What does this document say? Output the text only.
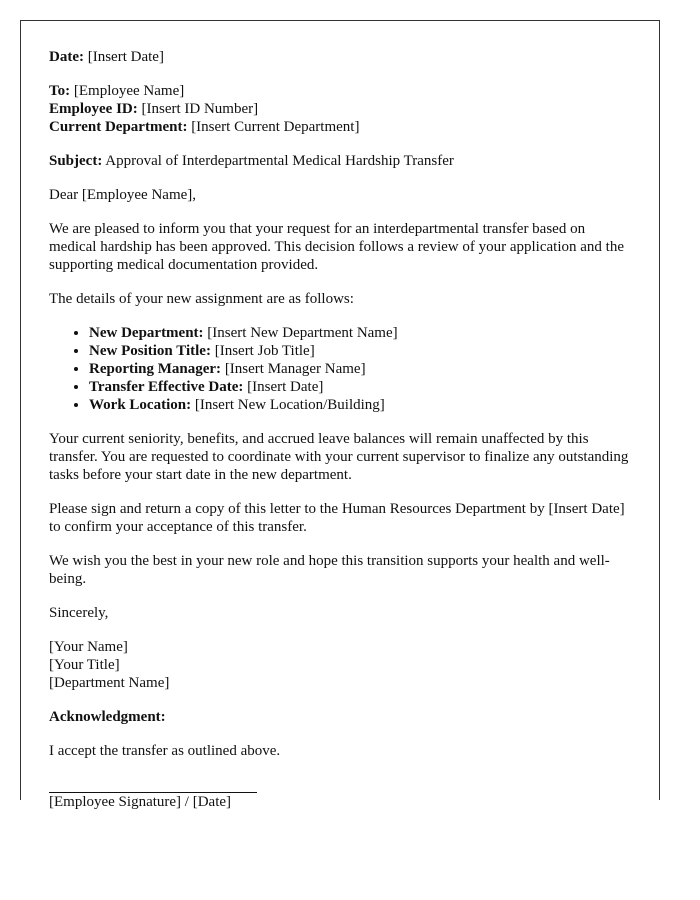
Date: [Insert Date]

To: [Employee Name]

Employee ID: [Insert ID Number]

Current Department: [Insert Current Department]

Subject: Approval of Interdepartmental Medical Hardship Transfer

Dear [Employee Name],

We are pleased to inform you that your request for an interdepartmental transfer based on medical hardship has been approved. This decision follows a review of your application and the supporting medical documentation provided.

The details of your new assignment are as follows:

• New Department: [Insert New Department Name]
• New Position Title: [Insert Job Title]
• Reporting Manager: [Insert Manager Name]
• Transfer Effective Date: [Insert Date]
• Work Location: [Insert New Location/Building]

Your current seniority, benefits, and accrued leave balances will remain unaffected by this transfer. You are requested to coordinate with your current supervisor to finalize any outstanding tasks before your start date in the new department.

Please sign and return a copy of this letter to the Human Resources Department by [Insert Date] to confirm your acceptance of this transfer.

We wish you the best in your new role and hope this transition supports your health and well-being.

Sincerely,

[Your Name]

[Your Title]

[Department Name]

Acknowledgment:

I accept the transfer as outlined above.

[Employee Signature] / [Date]
